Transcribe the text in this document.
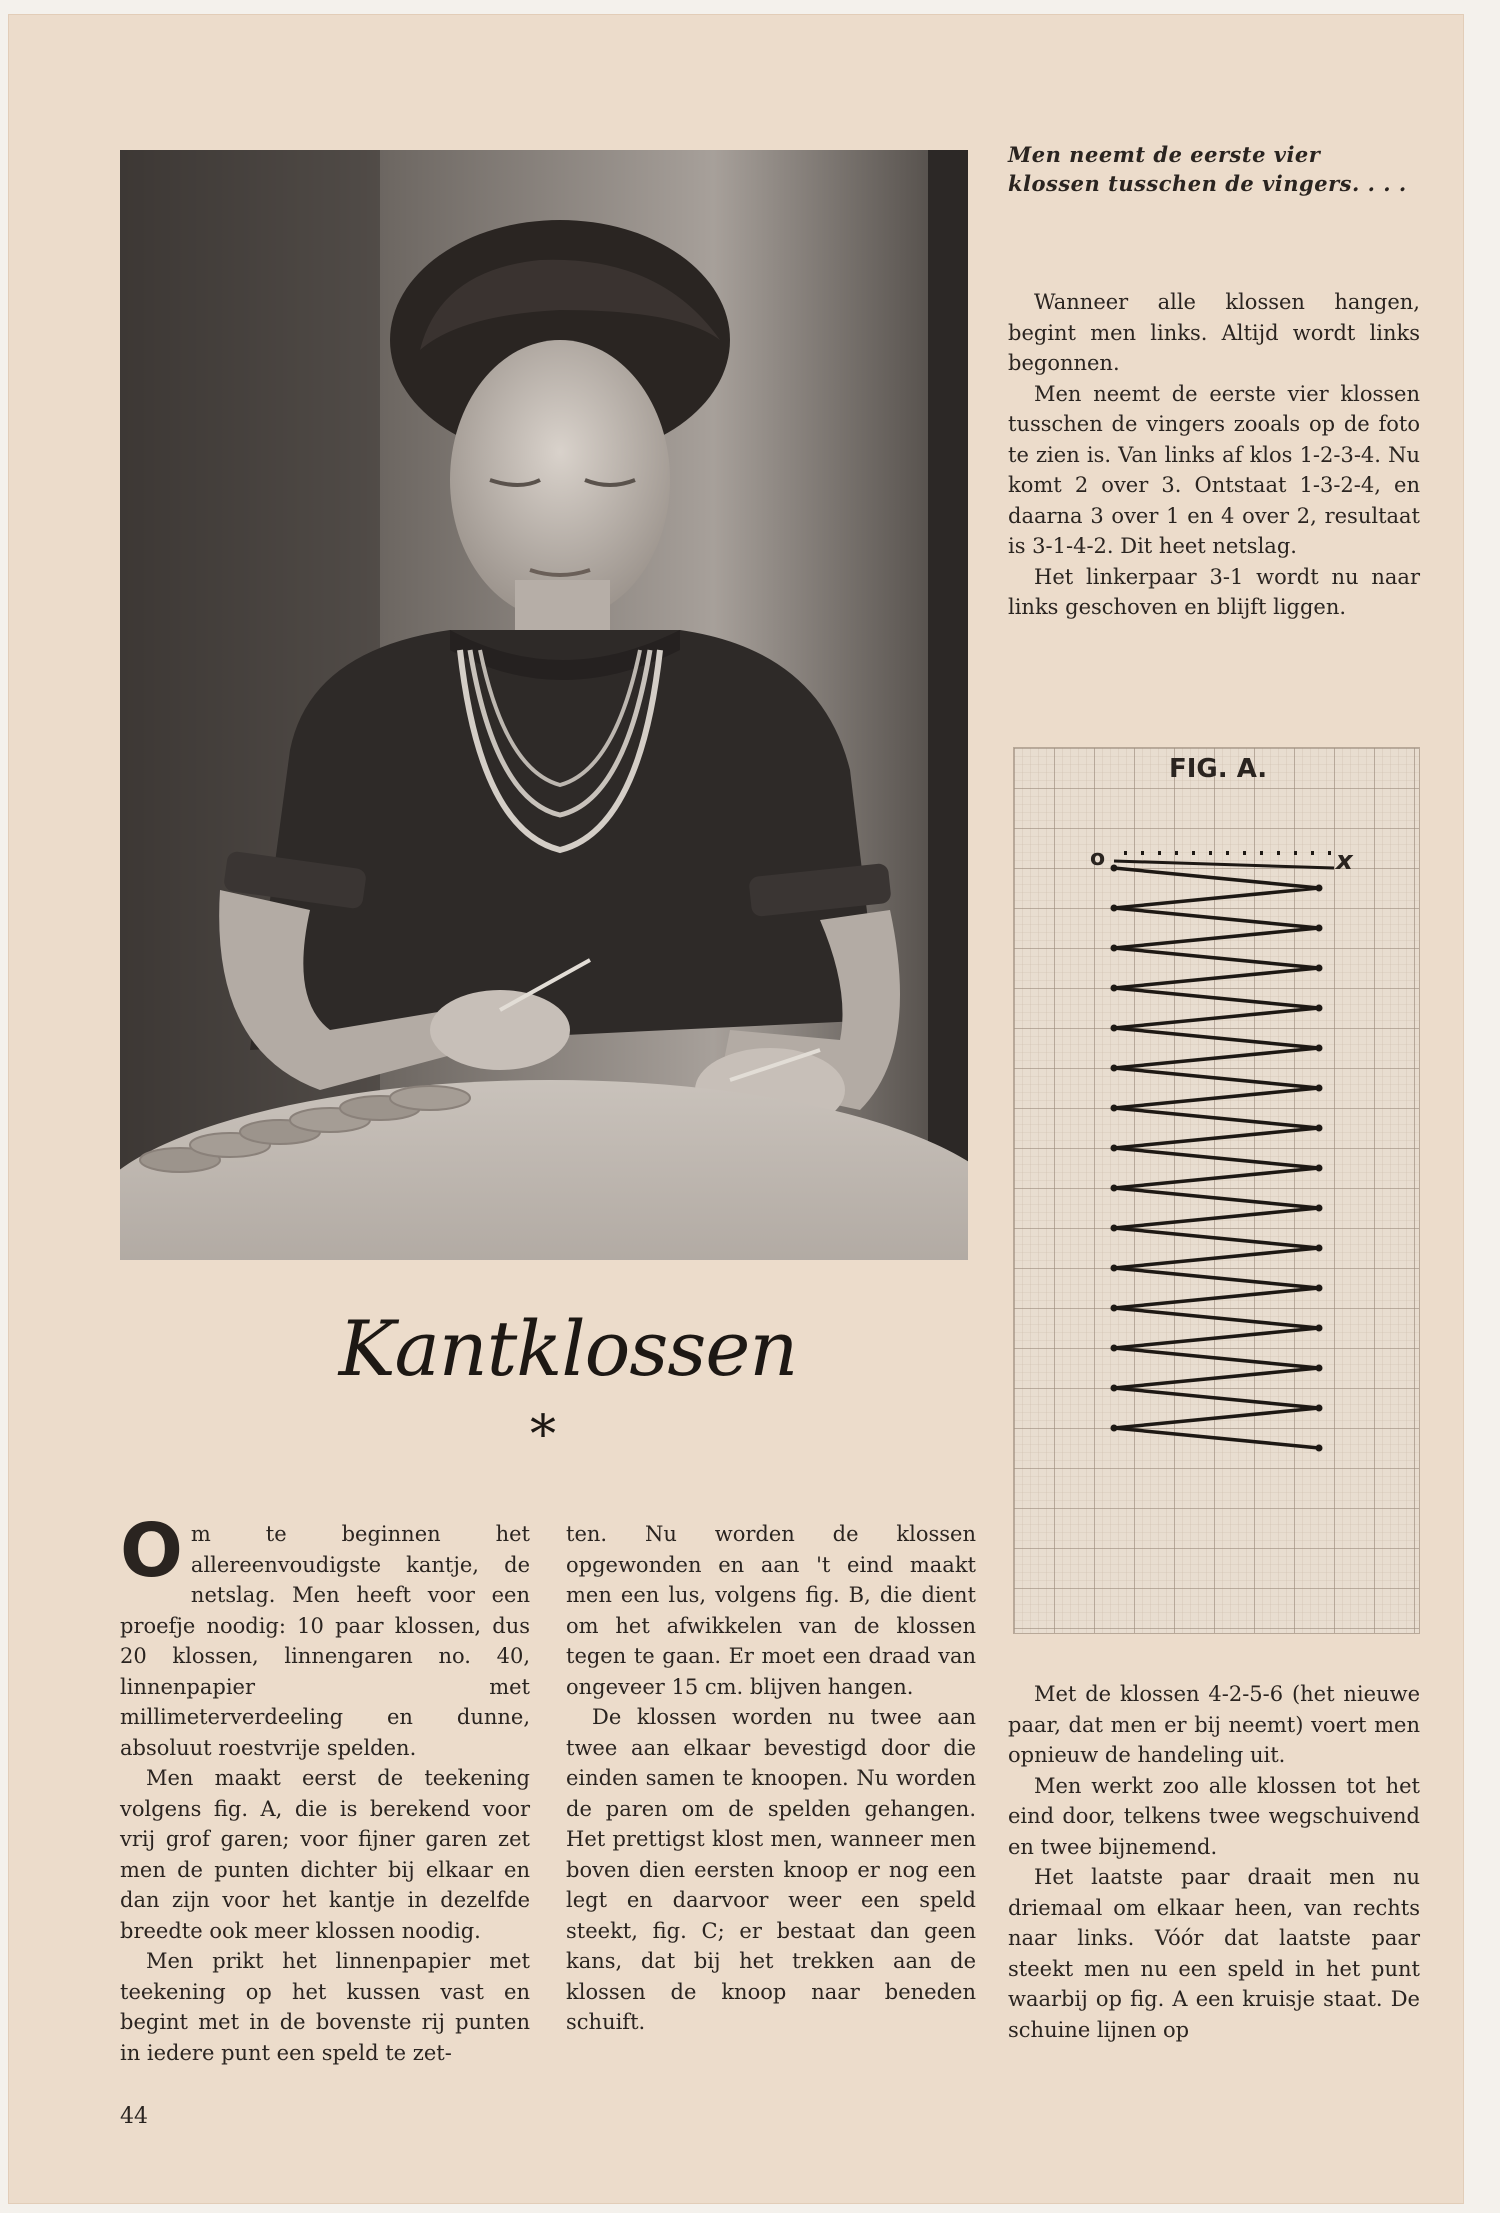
Men neemt de eerste vier klossen tusschen de vingers. . . .

Wanneer alle klossen hangen, begint men links. Altijd wordt links begonnen.

Men neemt de eerste vier klossen tusschen de vingers zooals op de foto te zien is. Van links af klos 1-2-3-4. Nu komt 2 over 3. Ontstaat 1-3-2-4, en daarna 3 over 1 en 4 over 2, resultaat is 3-1-4-2. Dit heet netslag.

Het linkerpaar 3-1 wordt nu naar links geschoven en blijft liggen.

FIG. A.
o	x
Kantklossen
*

Om te beginnen het allereenvoudigste kantje, de netslag. Men heeft voor een proefje noodig: 10 paar klossen, dus 20 klossen, linnengaren no. 40, linnenpapier met millimeterverdeeling en dunne, absoluut roestvrije spelden.

Men maakt eerst de teekening volgens fig. A, die is berekend voor vrij grof garen; voor fijner garen zet men de punten dichter bij elkaar en dan zijn voor het kantje in dezelfde breedte ook meer klossen noodig.

Men prikt het linnenpapier met teekening op het kussen vast en begint met in de bovenste rij punten in iedere punt een speld te zet-

ten. Nu worden de klossen opgewonden en aan 't eind maakt men een lus, volgens fig. B, die dient om het afwikkelen van de klossen tegen te gaan. Er moet een draad van ongeveer 15 cm. blijven hangen.

De klossen worden nu twee aan twee aan elkaar bevestigd door die einden samen te knoopen. Nu worden de paren om de spelden gehangen. Het prettigst klost men, wanneer men boven dien eersten knoop er nog een legt en daarvoor weer een speld steekt, fig. C; er bestaat dan geen kans, dat bij het trekken aan de klossen de knoop naar beneden schuift.

Met de klossen 4-2-5-6 (het nieuwe paar, dat men er bij neemt) voert men opnieuw de handeling uit.

Men werkt zoo alle klossen tot het eind door, telkens twee wegschuivend en twee bijnemend.

Het laatste paar draait men nu driemaal om elkaar heen, van rechts naar links. Vóór dat laatste paar steekt men nu een speld in het punt waarbij op fig. A een kruisje staat. De schuine lijnen op

44
